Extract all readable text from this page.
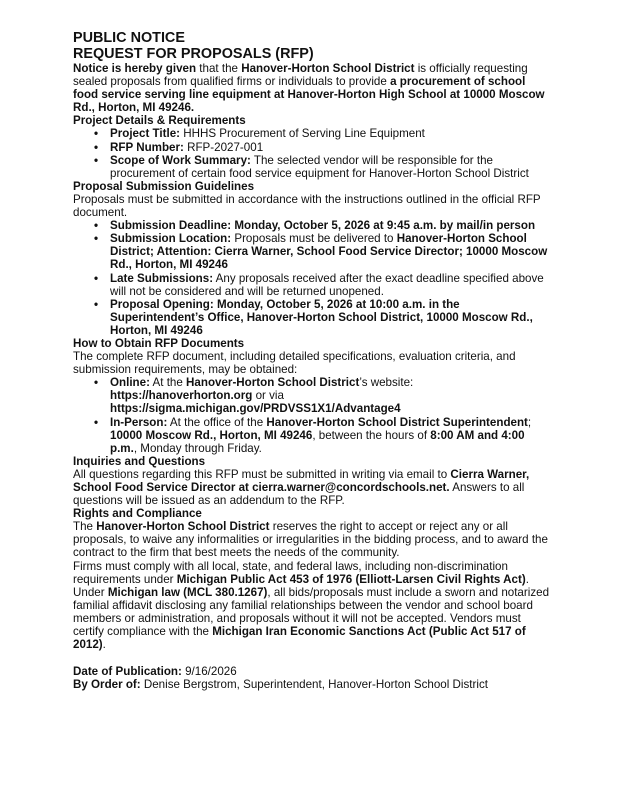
PUBLIC NOTICE

REQUEST FOR PROPOSALS (RFP)

Notice is hereby given that the Hanover-Horton School District is officially requesting sealed proposals from qualified firms or individuals to provide a procurement of school food service serving line equipment at Hanover-Horton High School at 10000 Moscow Rd., Horton, MI 49246.

Project Details & Requirements

• Project Title: HHHS Procurement of Serving Line Equipment
• RFP Number: RFP-2027-001
• Scope of Work Summary: The selected vendor will be responsible for the procurement of certain food service equipment for Hanover-Horton School District

Proposal Submission Guidelines

Proposals must be submitted in accordance with the instructions outlined in the official RFP document.

• Submission Deadline: Monday, October 5, 2026 at 9:45 a.m. by mail/in person
• Submission Location: Proposals must be delivered to Hanover-Horton School District; Attention: Cierra Warner, School Food Service Director; 10000 Moscow Rd., Horton, MI 49246
• Late Submissions: Any proposals received after the exact deadline specified above will not be considered and will be returned unopened.
• Proposal Opening: Monday, October 5, 2026 at 10:00 a.m. in the Superintendent’s Office, Hanover-Horton School District, 10000 Moscow Rd., Horton, MI 49246

How to Obtain RFP Documents

The complete RFP document, including detailed specifications, evaluation criteria, and submission requirements, may be obtained:

• Online: At the Hanover-Horton School District’s website: https://hanoverhorton.org or via https://sigma.michigan.gov/PRDVSS1X1/Advantage4
• In-Person: At the office of the Hanover-Horton School District Superintendent; 10000 Moscow Rd., Horton, MI 49246, between the hours of 8:00 AM and 4:00 p.m., Monday through Friday.

Inquiries and Questions

All questions regarding this RFP must be submitted in writing via email to Cierra Warner, School Food Service Director at cierra.warner@concordschools.net. Answers to all questions will be issued as an addendum to the RFP.

Rights and Compliance

The Hanover-Horton School District reserves the right to accept or reject any or all proposals, to waive any informalities or irregularities in the bidding process, and to award the contract to the firm that best meets the needs of the community.

Firms must comply with all local, state, and federal laws, including non-discrimination requirements under Michigan Public Act 453 of 1976 (Elliott-Larsen Civil Rights Act). Under Michigan law (MCL 380.1267), all bids/proposals must include a sworn and notarized familial affidavit disclosing any familial relationships between the vendor and school board members or administration, and proposals without it will not be accepted. Vendors must certify compliance with the Michigan Iran Economic Sanctions Act (Public Act 517 of 2012).

Date of Publication: 9/16/2026

By Order of: Denise Bergstrom, Superintendent, Hanover-Horton School District
